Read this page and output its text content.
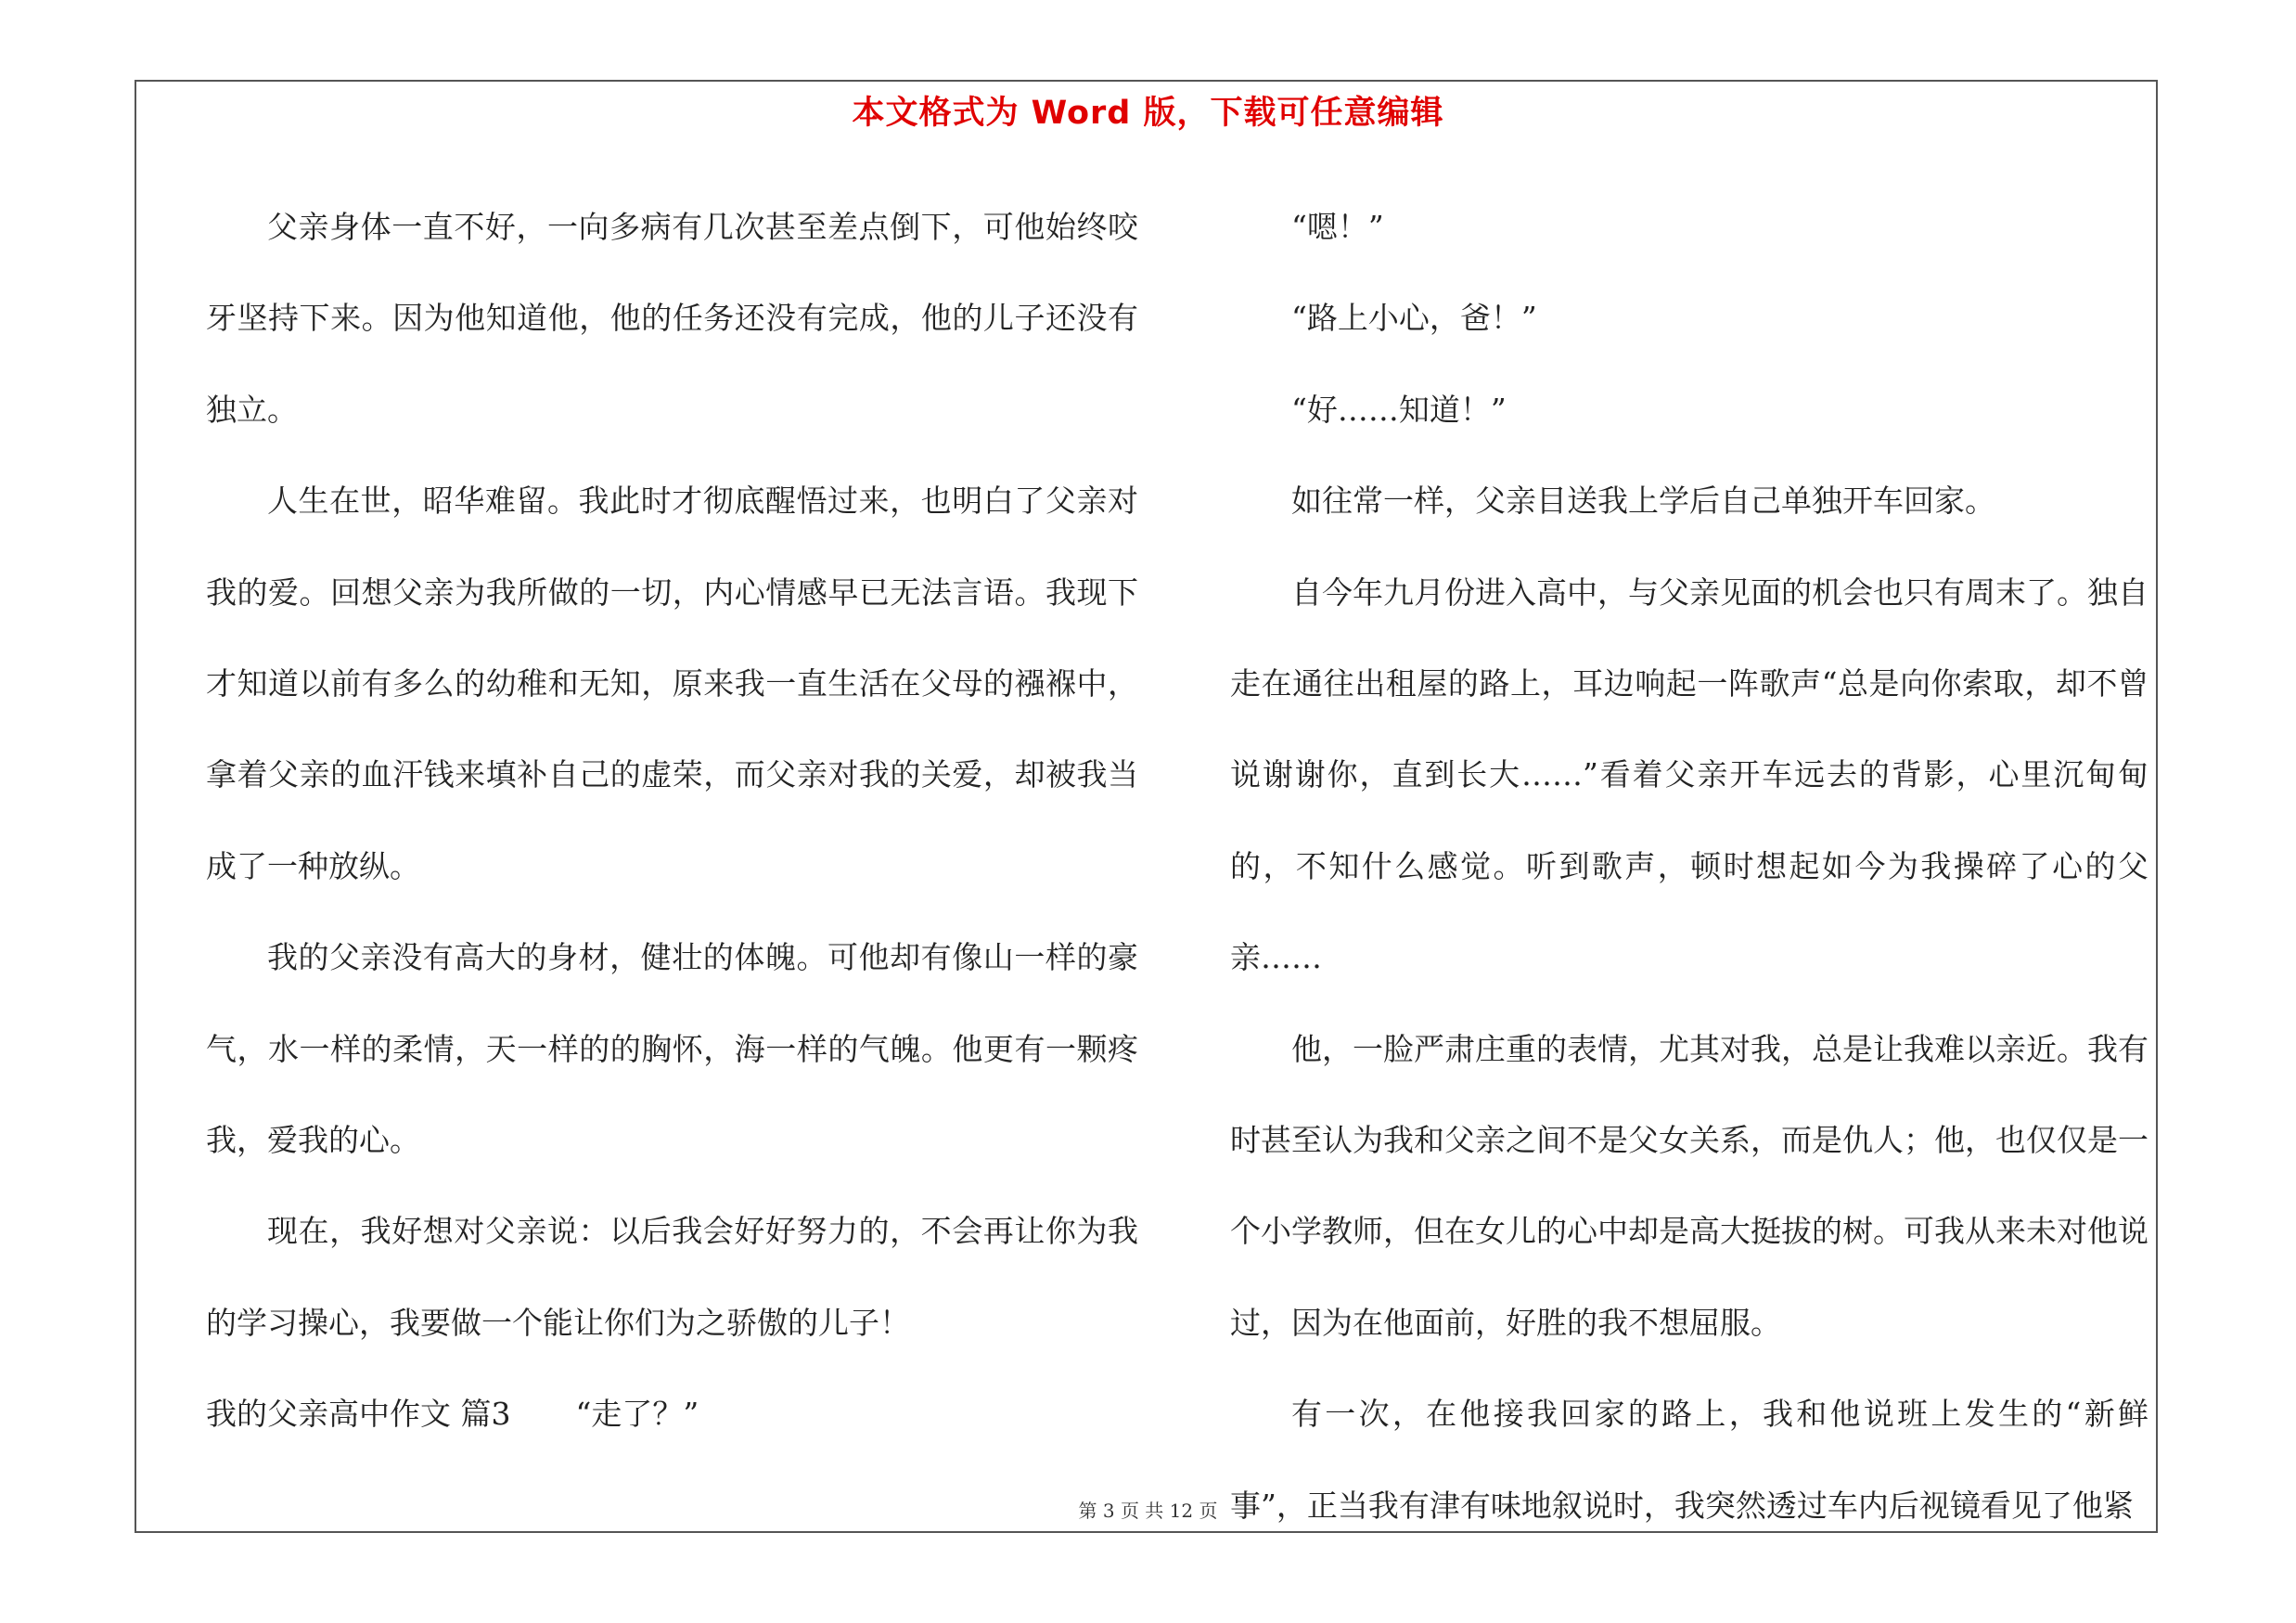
本文格式为 Word 版，下载可任意编辑

父亲身体一直不好，一向多病有几次甚至差点倒下，可他始终咬牙坚持下来。因为他知道他，他的任务还没有完成，他的儿子还没有独立。

人生在世，昭华难留。我此时才彻底醒悟过来，也明白了父亲对我的爱。回想父亲为我所做的一切，内心情感早已无法言语。我现下才知道以前有多么的幼稚和无知，原来我一直生活在父母的襁褓中，拿着父亲的血汗钱来填补自己的虚荣，而父亲对我的关爱，却被我当成了一种放纵。

我的父亲没有高大的身材，健壮的体魄。可他却有像山一样的豪气，水一样的柔情，天一样的的胸怀，海一样的气魄。他更有一颗疼我，爱我的心。

现在，我好想对父亲说：以后我会好好努力的，不会再让你为我的学习操心，我要做一个能让你们为之骄傲的儿子！

我的父亲高中作文 篇3 “走了？”

“嗯！”

“路上小心，爸！”

“好……知道！”

如往常一样，父亲目送我上学后自己单独开车回家。

自今年九月份进入高中，与父亲见面的机会也只有周末了。独自走在通往出租屋的路上，耳边响起一阵歌声“总是向你索取，却不曾说谢谢你，直到长大……”看着父亲开车远去的背影，心里沉甸甸的，不知什么感觉。听到歌声，顿时想起如今为我操碎了心的父亲……

他，一脸严肃庄重的表情，尤其对我，总是让我难以亲近。我有时甚至认为我和父亲之间不是父女关系，而是仇人；他，也仅仅是一个小学教师，但在女儿的心中却是高大挺拔的树。可我从来未对他说过，因为在他面前，好胜的我不想屈服。

有一次，在他接我回家的路上，我和他说班上发生的“新鲜事”，正当我有津有味地叙说时，我突然透过车内后视镜看见了他紧

第 3 页 共 12 页
